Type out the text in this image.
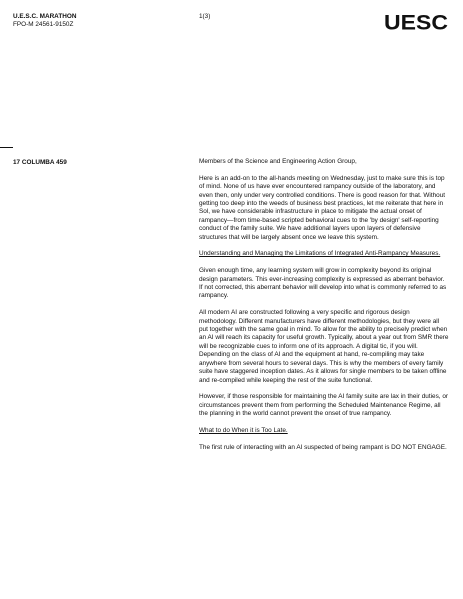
U.E.S.C. MARATHON
FPO-M 24561-9150Z
1(3)	UESC
17 COLUMBA 459	Members of the Science and Engineering Action Group,

Here is an add-on to the all-hands meeting on Wednesday, just to make sure this is top of mind. None of us have ever encountered rampancy outside of the laboratory, and even then, only under very controlled conditions. There is good reason for that. Without getting too deep into the weeds of business best practices, let me reiterate that here in Sol, we have considerable infrastructure in place to mitigate the actual onset of rampancy—from time-based scripted behavioral cues to the 'by design' self-reporting conduct of the family suite. We have additional layers upon layers of defensive structures that will be largely absent once we leave this system.

Understanding and Managing the Limitations of Integrated Anti-Rampancy Measures.

Given enough time, any learning system will grow in complexity beyond its original design parameters. This ever-increasing complexity is expressed as aberrant behavior. If not corrected, this aberrant behavior will develop into what is commonly referred to as rampancy.

All modern AI are constructed following a very specific and rigorous design methodology. Different manufacturers have different methodologies, but they were all put together with the same goal in mind. To allow for the ability to precisely predict when an AI will reach its capacity for useful growth. Typically, about a year out from SMR there will be recognizable cues to inform one of its approach. A digital tic, if you will. Depending on the class of AI and the equipment at hand, re-compiling may take anywhere from several hours to several days. This is why the members of every family suite have staggered inception dates. As it allows for single members to be taken offline and re-compiled while keeping the rest of the suite functional.

However, if those responsible for maintaining the AI family suite are lax in their duties, or circumstances prevent them from performing the Scheduled Maintenance Regime, all the planning in the world cannot prevent the onset of true rampancy.

What to do When it is Too Late.

The first rule of interacting with an AI suspected of being rampant is DO NOT ENGAGE.
